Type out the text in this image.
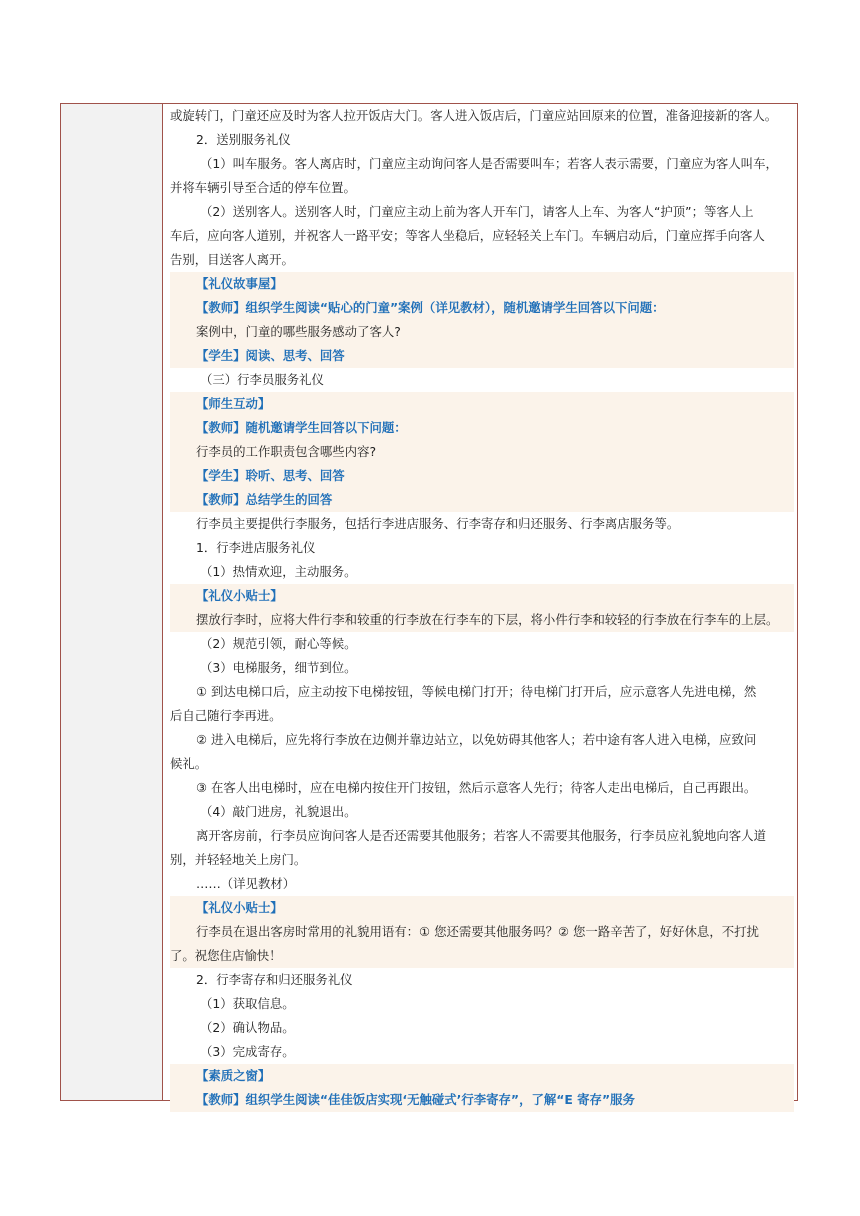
或旋转门，门童还应及时为客人拉开饭店大门。客人进入饭店后，门童应站回原来的位置，准备迎接新的客人。
2．送别服务礼仪
（1）叫车服务。客人离店时，门童应主动询问客人是否需要叫车；若客人表示需要，门童应为客人叫车，
并将车辆引导至合适的停车位置。
（2）送别客人。送别客人时，门童应主动上前为客人开车门，请客人上车、为客人“护顶”；等客人上
车后，应向客人道别，并祝客人一路平安；等客人坐稳后，应轻轻关上车门。车辆启动后，门童应挥手向客人
告别，目送客人离开。
【礼仪故事屋】
【教师】组织学生阅读“贴心的门童”案例（详见教材），随机邀请学生回答以下问题：
案例中，门童的哪些服务感动了客人?
【学生】阅读、思考、回答
（三）行李员服务礼仪
【师生互动】
【教师】随机邀请学生回答以下问题：
行李员的工作职责包含哪些内容?
【学生】聆听、思考、回答
【教师】总结学生的回答
行李员主要提供行李服务，包括行李进店服务、行李寄存和归还服务、行李离店服务等。
1．行李进店服务礼仪
（1）热情欢迎，主动服务。
【礼仪小贴士】
摆放行李时，应将大件行李和较重的行李放在行李车的下层，将小件行李和较轻的行李放在行李车的上层。
（2）规范引领，耐心等候。
（3）电梯服务，细节到位。
① 到达电梯口后，应主动按下电梯按钮，等候电梯门打开；待电梯门打开后，应示意客人先进电梯，然
后自己随行李再进。
② 进入电梯后，应先将行李放在边侧并靠边站立，以免妨碍其他客人；若中途有客人进入电梯，应致问
候礼。
③ 在客人出电梯时，应在电梯内按住开门按钮，然后示意客人先行；待客人走出电梯后，自己再跟出。
（4）敲门进房，礼貌退出。
离开客房前，行李员应询问客人是否还需要其他服务；若客人不需要其他服务，行李员应礼貌地向客人道
别，并轻轻地关上房门。
……（详见教材）
【礼仪小贴士】
行李员在退出客房时常用的礼貌用语有：① 您还需要其他服务吗？② 您一路辛苦了，好好休息，不打扰
了。祝您住店愉快！
2．行李寄存和归还服务礼仪
（1）获取信息。
（2）确认物品。
（3）完成寄存。
【素质之窗】
【教师】组织学生阅读“佳佳饭店实现‘无触碰式’行李寄存”，了解“E 寄存”服务
